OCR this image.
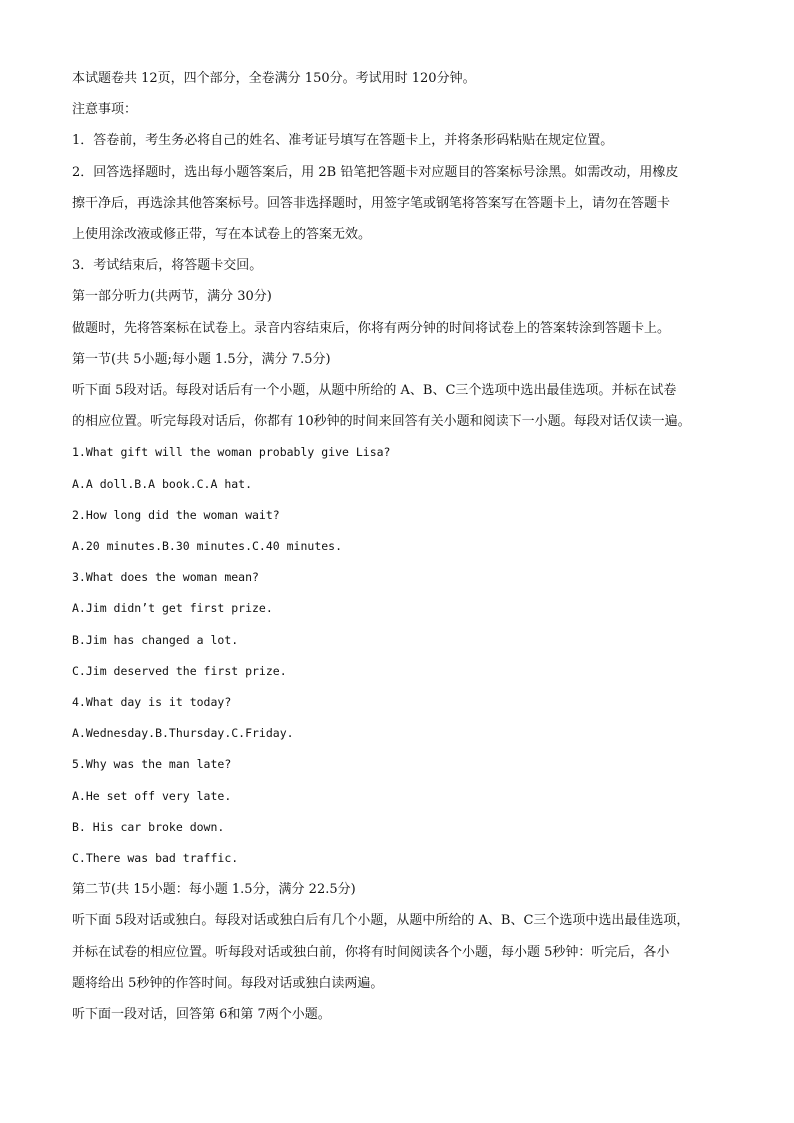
本试题卷共 12页，四个部分，全卷满分 150分。考试用时 120分钟。

注意事项：

1．答卷前，考生务必将自己的姓名、准考证号填写在答题卡上，并将条形码粘贴在规定位置。

2．回答选择题时，选出每小题答案后，用 2B 铅笔把答题卡对应题目的答案标号涂黑。如需改动，用橡皮

擦干净后，再选涂其他答案标号。回答非选择题时，用签字笔或钢笔将答案写在答题卡上，请勿在答题卡

上使用涂改液或修正带，写在本试卷上的答案无效。

3．考试结束后，将答题卡交回。

第一部分听力(共两节，满分 30分)

做题时，先将答案标在试卷上。录音内容结束后，你将有两分钟的时间将试卷上的答案转涂到答题卡上。

第一节(共 5小题;每小题 1.5分，满分 7.5分)

听下面 5段对话。每段对话后有一个小题，从题中所给的 A、B、C三个选项中选出最佳选项。并标在试卷

的相应位置。听完每段对话后，你都有 10秒钟的时间来回答有关小题和阅读下一小题。每段对话仅读一遍。

1.What gift will the woman probably give Lisa?

A.A doll.B.A book.C.A hat.

2.How long did the woman wait?

A.20 minutes.B.30 minutes.C.40 minutes.

3.What does the woman mean?

A.Jim didn’t get first prize.

B.Jim has changed a lot.

C.Jim deserved the first prize.

4.What day is it today?

A.Wednesday.B.Thursday.C.Friday.

5.Why was the man late?

A.He set off very late.

B. His car broke down.

C.There was bad traffic.

第二节(共 15小题：每小题 1.5分，满分 22.5分)

听下面 5段对话或独白。每段对话或独白后有几个小题，从题中所给的 A、B、C三个选项中选出最佳选项，

并标在试卷的相应位置。听每段对话或独白前，你将有时间阅读各个小题，每小题 5秒钟：听完后，各小

题将给出 5秒钟的作答时间。每段对话或独白读两遍。

听下面一段对话，回答第 6和第 7两个小题。
